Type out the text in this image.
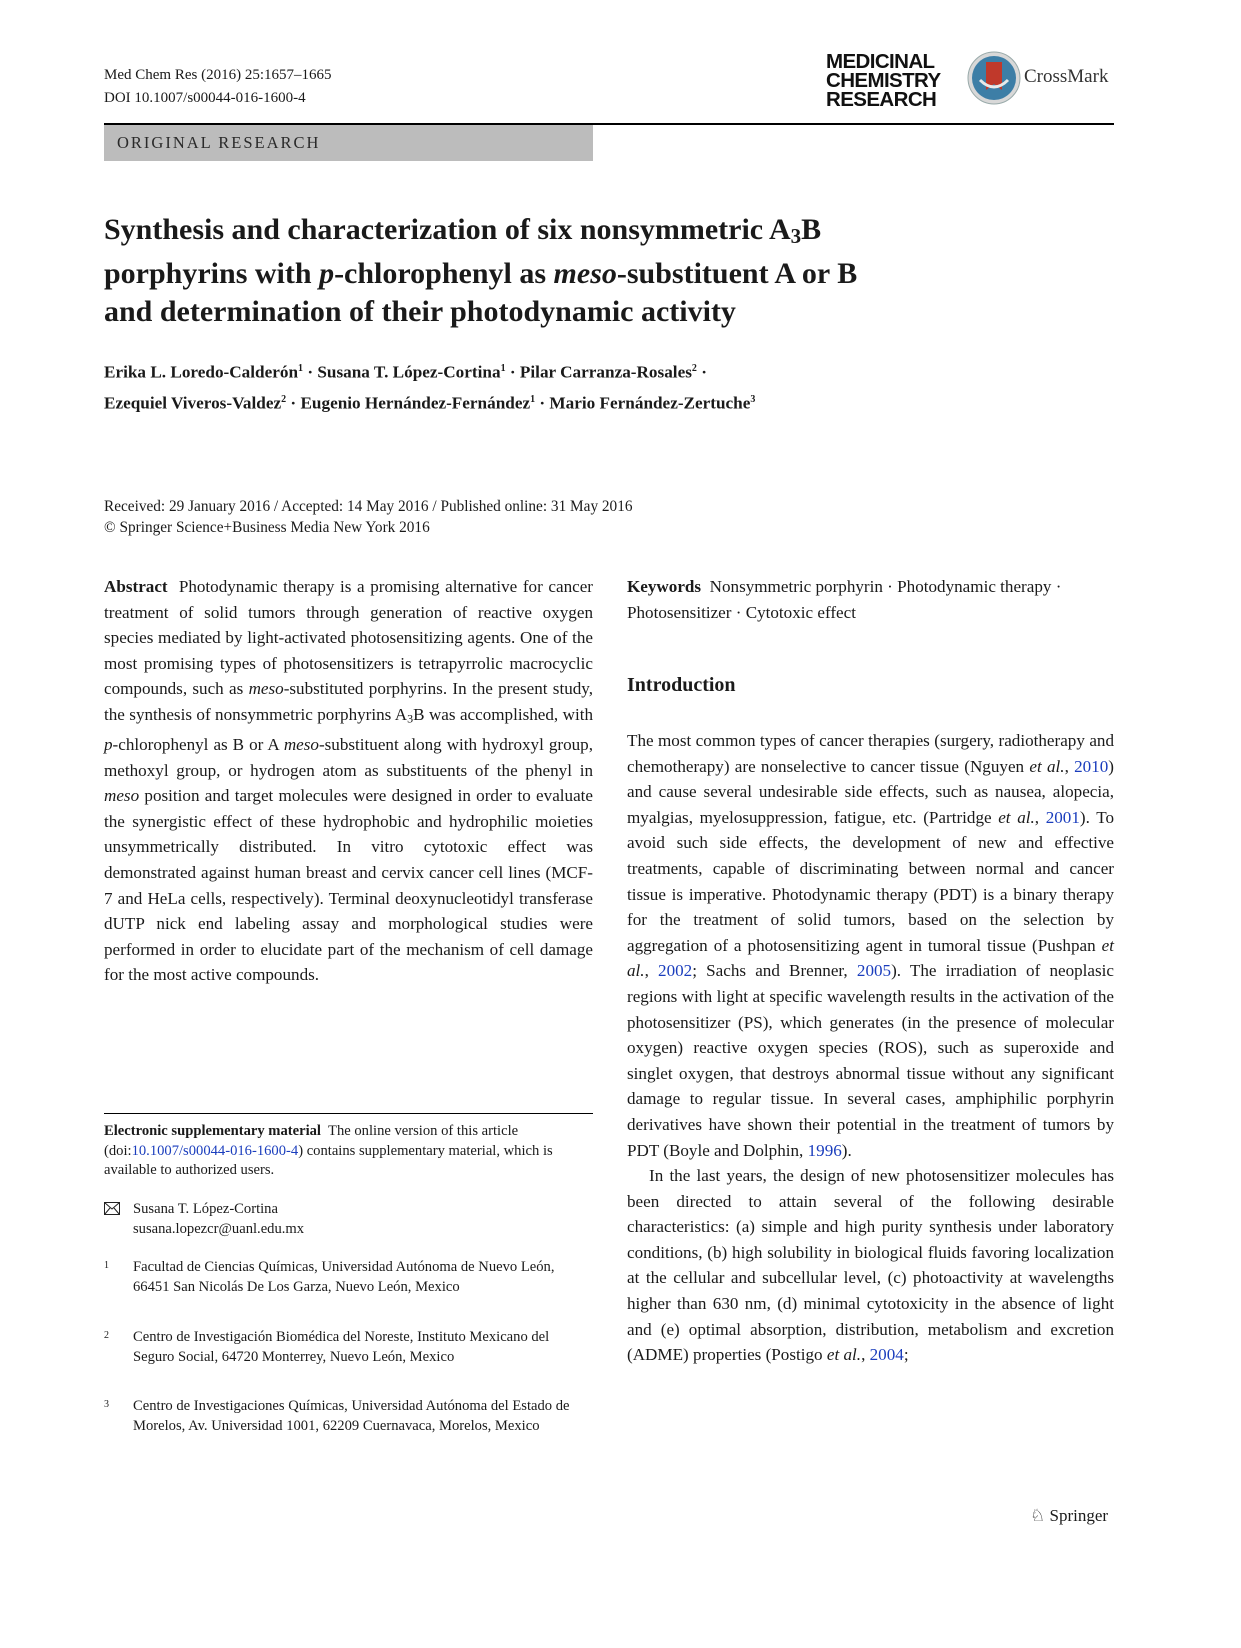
Med Chem Res (2016) 25:1657–1665
DOI 10.1007/s00044-016-1600-4
MEDICINAL
CHEMISTRY
RESEARCH
CrossMark
ORIGINAL RESEARCH
Synthesis and characterization of six nonsymmetric $A_3B$
porphyrins with p-chlorophenyl as meso-substituent A or B
and determination of their photodynamic activity
Erika L. Loredo-Calderón$^1$ · Susana T. López-Cortina$^1$ · Pilar Carranza-Rosales$^2$ ·
Ezequiel Viveros-Valdez$^2$ · Eugenio Hernández-Fernández$^1$ · Mario Fernández-Zertuche$^3$
Received: 29 January 2016 / Accepted: 14 May 2016 / Published online: 31 May 2016
© Springer Science+Business Media New York 2016
Abstract Photodynamic therapy is a promising alternative for cancer treatment of solid tumors through generation of reactive oxygen species mediated by light-activated photosensitizing agents. One of the most promising types of photosensitizers is tetrapyrrolic macrocyclic compounds, such as meso-substituted porphyrins. In the present study, the synthesis of nonsymmetric porphyrins $A_3B$ was accomplished, with p-chlorophenyl as B or A meso-substituent along with hydroxyl group, methoxyl group, or hydrogen atom as substituents of the phenyl in meso position and target molecules were designed in order to evaluate the synergistic effect of these hydrophobic and hydrophilic moieties unsymmetrically distributed. In vitro cytotoxic effect was demonstrated against human breast and cervix cancer cell lines (MCF-7 and HeLa cells, respectively). Terminal deoxynucleotidyl transferase dUTP nick end labeling assay and morphological studies were performed in order to elucidate part of the mechanism of cell damage for the most active compounds.
Electronic supplementary material The online version of this article (doi:10.1007/s00044-016-1600-4) contains supplementary material, which is available to authorized users.
Susana T. López-Cortina
susana.lopezcr@uanl.edu.mx
1 Facultad de Ciencias Químicas, Universidad Autónoma de Nuevo León, 66451 San Nicolás De Los Garza, Nuevo León, Mexico
2 Centro de Investigación Biomédica del Noreste, Instituto Mexicano del Seguro Social, 64720 Monterrey, Nuevo León, Mexico
3 Centro de Investigaciones Químicas, Universidad Autónoma del Estado de Morelos, Av. Universidad 1001, 62209 Cuernavaca, Morelos, Mexico
Keywords Nonsymmetric porphyrin · Photodynamic therapy · Photosensitizer · Cytotoxic effect
Introduction
The most common types of cancer therapies (surgery, radiotherapy and chemotherapy) are nonselective to cancer tissue (Nguyen et al., 2010) and cause several undesirable side effects, such as nausea, alopecia, myalgias, myelosuppression, fatigue, etc. (Partridge et al., 2001). To avoid such side effects, the development of new and effective treatments, capable of discriminating between normal and cancer tissue is imperative. Photodynamic therapy (PDT) is a binary therapy for the treatment of solid tumors, based on the selection by aggregation of a photosensitizing agent in tumoral tissue (Pushpan et al., 2002; Sachs and Brenner, 2005). The irradiation of neoplasic regions with light at specific wavelength results in the activation of the photosensitizer (PS), which generates (in the presence of molecular oxygen) reactive oxygen species (ROS), such as superoxide and singlet oxygen, that destroys abnormal tissue without any significant damage to regular tissue. In several cases, amphiphilic porphyrin derivatives have shown their potential in the treatment of tumors by PDT (Boyle and Dolphin, 1996).
In the last years, the design of new photosensitizer molecules has been directed to attain several of the following desirable characteristics: (a) simple and high purity synthesis under laboratory conditions, (b) high solubility in biological fluids favoring localization at the cellular and subcellular level, (c) photoactivity at wavelengths higher than 630 nm, (d) minimal cytotoxicity in the absence of light and (e) optimal absorption, distribution, metabolism and excretion (ADME) properties (Postigo et al., 2004;
♘ Springer
